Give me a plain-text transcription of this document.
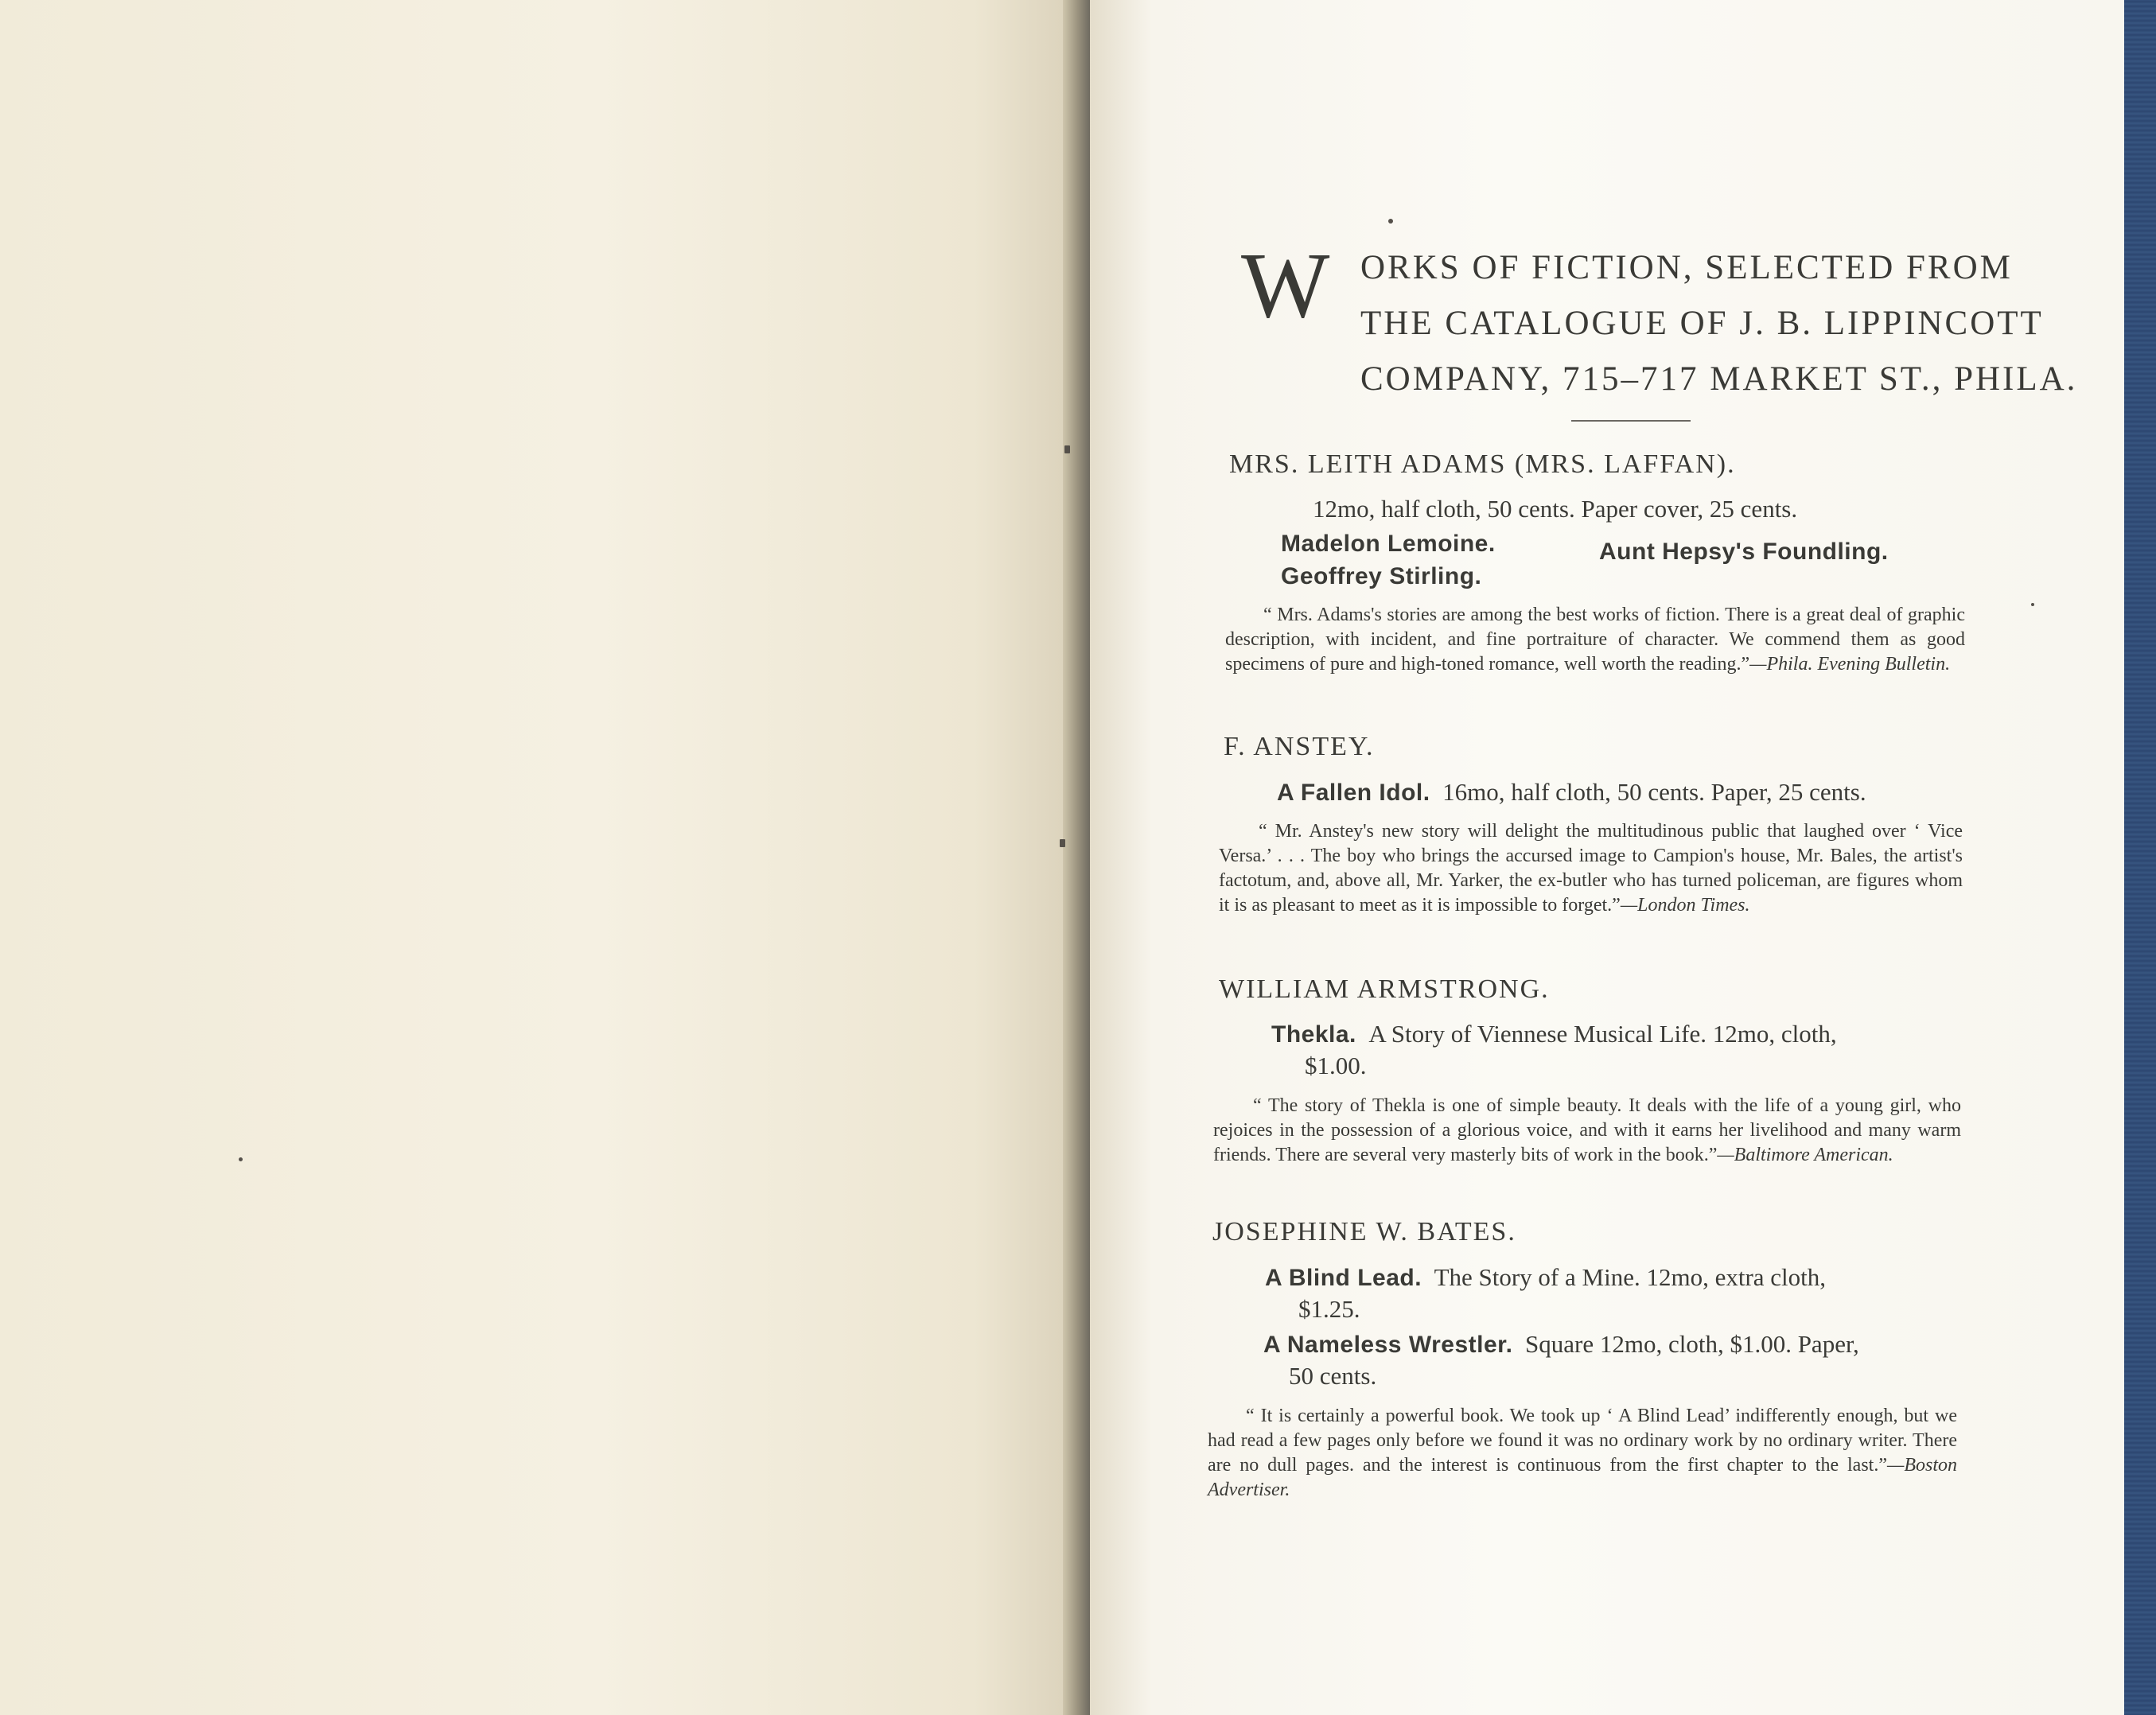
W ORKS OF FICTION, SELECTED FROM
THE CATALOGUE OF J. B. LIPPINCOTT
COMPANY, 715–717 MARKET ST., PHILA.
MRS. LEITH ADAMS (MRS. LAFFAN).
12mo, half cloth, 50 cents. Paper cover, 25 cents.
Madelon Lemoine.	Aunt Hepsy's Foundling.
Geoffrey Stirling.
“ Mrs. Adams's stories are among the best works of fiction. There is a great deal of graphic description, with incident, and fine portraiture of character. We commend them as good specimens of pure and high-toned romance, well worth the reading.”—Phila. Evening Bulletin.
F. ANSTEY.
A Fallen Idol. 16mo, half cloth, 50 cents. Paper, 25 cents.
“ Mr. Anstey's new story will delight the multitudinous public that laughed over ‘ Vice Versa.’ . . . The boy who brings the accursed image to Campion's house, Mr. Bales, the artist's factotum, and, above all, Mr. Yarker, the ex-butler who has turned policeman, are figures whom it is as pleasant to meet as it is impossible to forget.”—London Times.
WILLIAM ARMSTRONG.
Thekla. A Story of Viennese Musical Life. 12mo, cloth,
$1.00.
“ The story of Thekla is one of simple beauty. It deals with the life of a young girl, who rejoices in the possession of a glorious voice, and with it earns her livelihood and many warm friends. There are several very masterly bits of work in the book.”—Baltimore American.
JOSEPHINE W. BATES.
A Blind Lead. The Story of a Mine. 12mo, extra cloth,
$1.25.
A Nameless Wrestler. Square 12mo, cloth, $1.00. Paper,
50 cents.
“ It is certainly a powerful book. We took up ‘ A Blind Lead’ indifferently enough, but we had read a few pages only before we found it was no ordinary work by no ordinary writer. There are no dull pages. and the interest is continuous from the first chapter to the last.”—Boston Advertiser.
